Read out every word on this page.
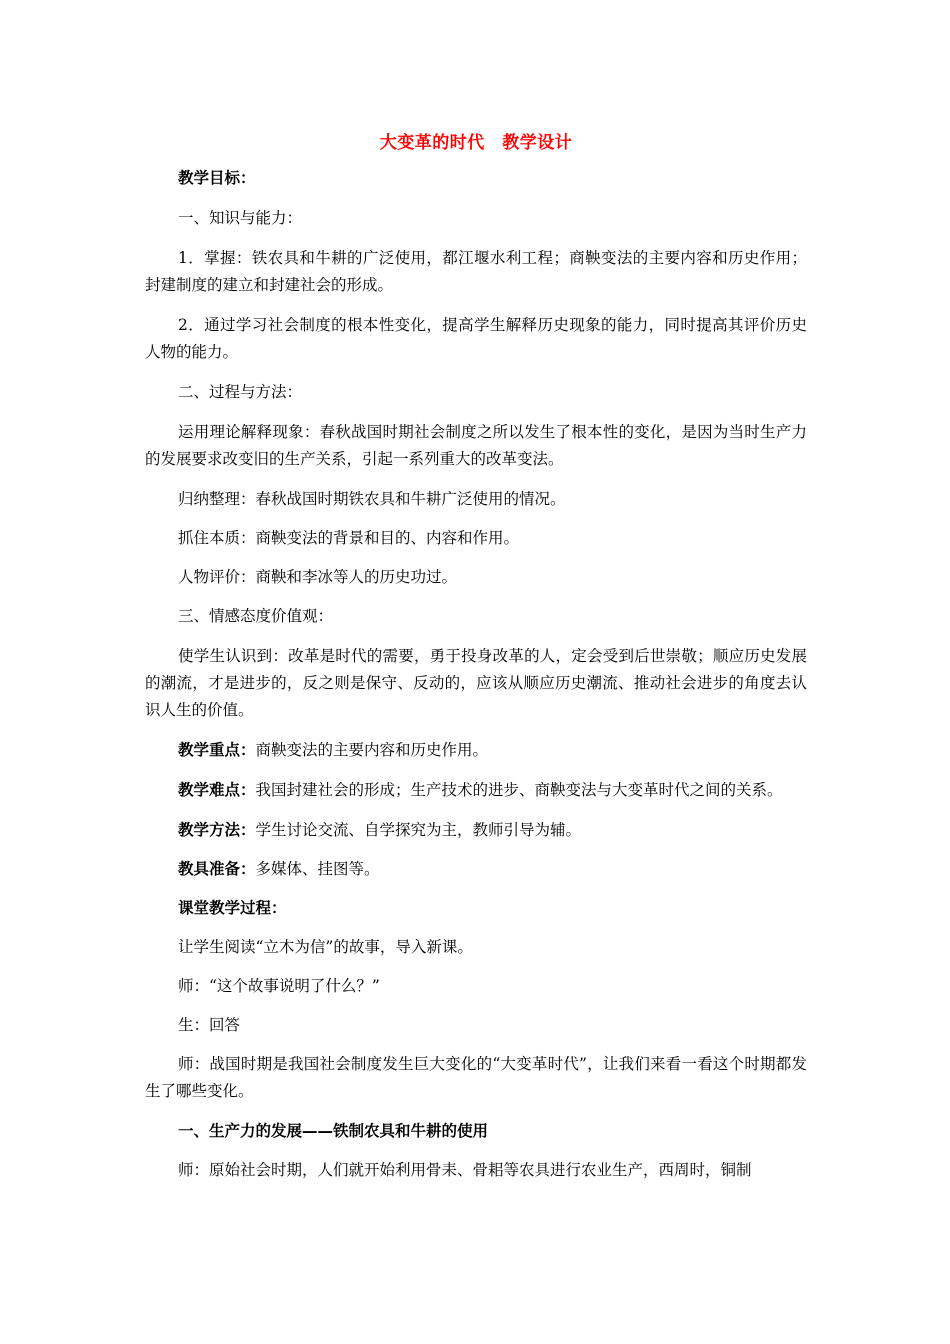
大变革的时代　教学设计

教学目标：

一、知识与能力：

1．掌握：铁农具和牛耕的广泛使用，都江堰水利工程；商鞅变法的主要内容和历史作用；封建制度的建立和封建社会的形成。

2．通过学习社会制度的根本性变化，提高学生解释历史现象的能力，同时提高其评价历史人物的能力。

二、过程与方法：

运用理论解释现象：春秋战国时期社会制度之所以发生了根本性的变化，是因为当时生产力的发展要求改变旧的生产关系，引起一系列重大的改革变法。

归纳整理：春秋战国时期铁农具和牛耕广泛使用的情况。

抓住本质：商鞅变法的背景和目的、内容和作用。

人物评价：商鞅和李冰等人的历史功过。

三、情感态度价值观：

使学生认识到：改革是时代的需要，勇于投身改革的人，定会受到后世崇敬；顺应历史发展的潮流，才是进步的，反之则是保守、反动的，应该从顺应历史潮流、推动社会进步的角度去认识人生的价值。

教学重点：商鞅变法的主要内容和历史作用。

教学难点：我国封建社会的形成；生产技术的进步、商鞅变法与大变革时代之间的关系。

教学方法：学生讨论交流、自学探究为主，教师引导为辅。

教具准备：多媒体、挂图等。

课堂教学过程：

让学生阅读“立木为信”的故事，导入新课。

师：“这个故事说明了什么？”

生：回答

师：战国时期是我国社会制度发生巨大变化的“大变革时代”，让我们来看一看这个时期都发生了哪些变化。

一、生产力的发展——铁制农具和牛耕的使用

师：原始社会时期，人们就开始利用骨耒、骨耜等农具进行农业生产，西周时，铜制
